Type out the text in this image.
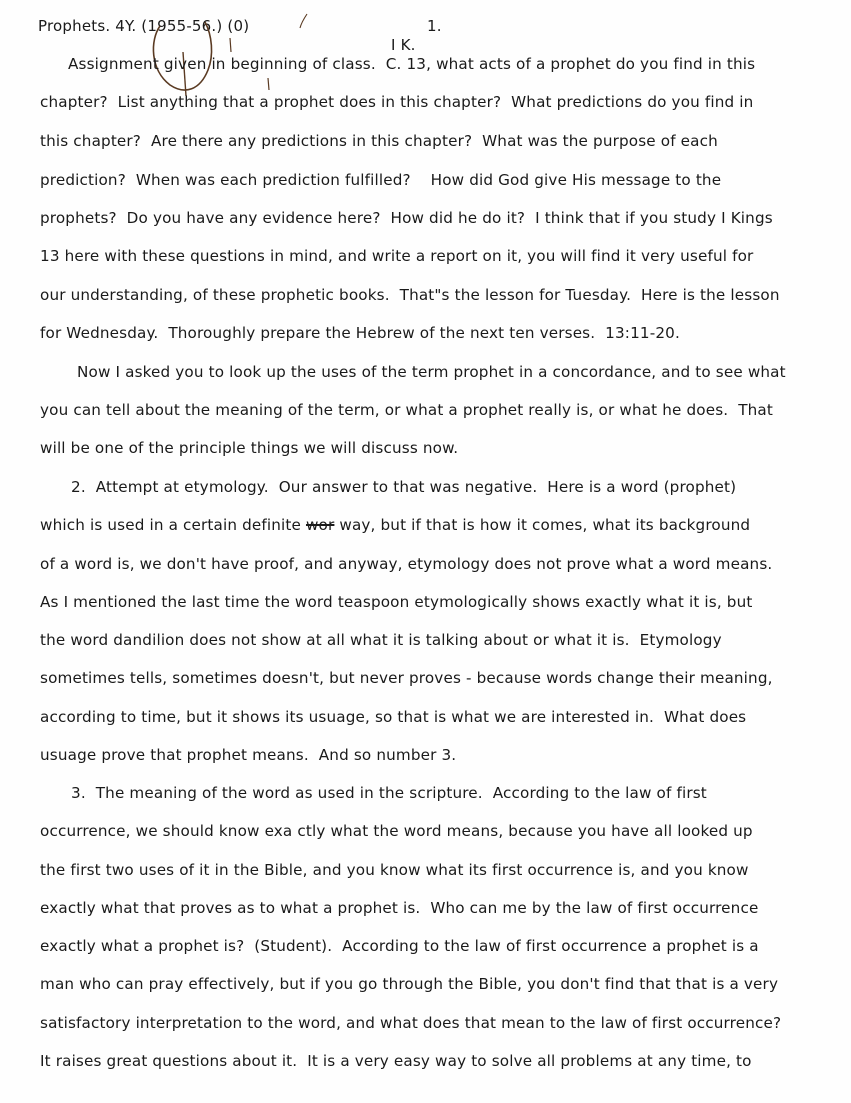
Prophets. 4Y. (1955-56.) (0)	1.
I K.
Assignment given in beginning of class.  C. 13, what acts of a prophet do you find in this
chapter?  List anything that a prophet does in this chapter?  What predictions do you find in
this chapter?  Are there any predictions in this chapter?  What was the purpose of each
prediction?  When was each prediction fulfilled?    How did God give His message to the
prophets?  Do you have any evidence here?  How did he do it?  I think that if you study I Kings
13 here with these questions in mind, and write a report on it, you will find it very useful for
our understanding, of these prophetic books.  That"s the lesson for Tuesday.  Here is the lesson
for Wednesday.  Thoroughly prepare the Hebrew of the next ten verses.  13:11-20.
Now I asked you to look up the uses of the term prophet in a concordance, and to see what
you can tell about the meaning of the term, or what a prophet really is, or what he does.  That
will be one of the principle things we will discuss now.
2.  Attempt at etymology.  Our answer to that was negative.  Here is a word (prophet)
which is used in a certain definite wor way, but if that is how it comes, what its background
of a word is, we don't have proof, and anyway, etymology does not prove what a word means.
As I mentioned the last time the word teaspoon etymologically shows exactly what it is, but
the word dandilion does not show at all what it is talking about or what it is.  Etymology
sometimes tells, sometimes doesn't, but never proves - because words change their meaning,
according to time, but it shows its usuage, so that is what we are interested in.  What does
usuage prove that prophet means.  And so number 3.
3.  The meaning of the word as used in the scripture.  According to the law of first
occurrence, we should know exa ctly what the word means, because you have all looked up
the first two uses of it in the Bible, and you know what its first occurrence is, and you know
exactly what that proves as to what a prophet is.  Who can me by the law of first occurrence
exactly what a prophet is?  (Student).  According to the law of first occurrence a prophet is a
man who can pray effectively, but if you go through the Bible, you don't find that that is a very
satisfactory interpretation to the word, and what does that mean to the law of first occurrence?
It raises great questions about it.  It is a very easy way to solve all problems at any time, to
